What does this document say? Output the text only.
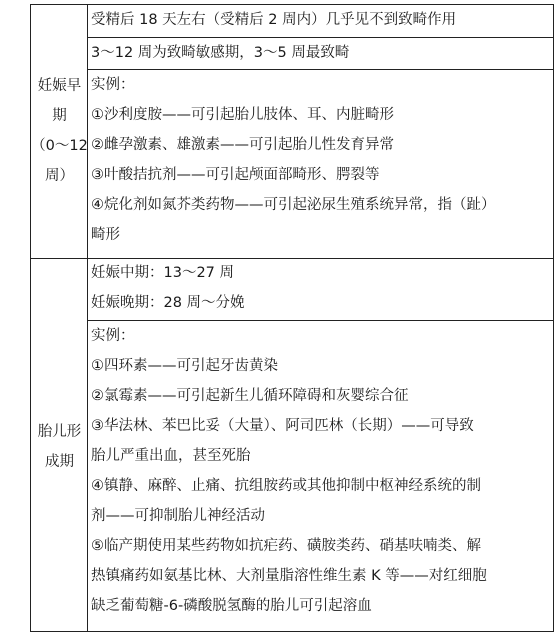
妊娠早
期
（0～12
周）
胎儿形
成期
受精后 18 天左右（受精后 2 周内）几乎见不到致畸作用
3～12 周为致畸敏感期，3～5 周最致畸
实例：
①沙利度胺——可引起胎儿肢体、耳、内脏畸形
②雌孕激素、雄激素——可引起胎儿性发育异常
③叶酸拮抗剂——可引起颅面部畸形、腭裂等
④烷化剂如氮芥类药物——可引起泌尿生殖系统异常，指（趾）
畸形
妊娠中期：13～27 周
妊娠晚期：28 周～分娩
实例：
①四环素——可引起牙齿黄染
②氯霉素——可引起新生儿循环障碍和灰婴综合征
③华法林、苯巴比妥（大量）、阿司匹林（长期）——可导致
胎儿严重出血，甚至死胎
④镇静、麻醉、止痛、抗组胺药或其他抑制中枢神经系统的制
剂——可抑制胎儿神经活动
⑤临产期使用某些药物如抗疟药、磺胺类药、硝基呋喃类、解
热镇痛药如氨基比林、大剂量脂溶性维生素 K 等——对红细胞
缺乏葡萄糖-6-磷酸脱氢酶的胎儿可引起溶血
